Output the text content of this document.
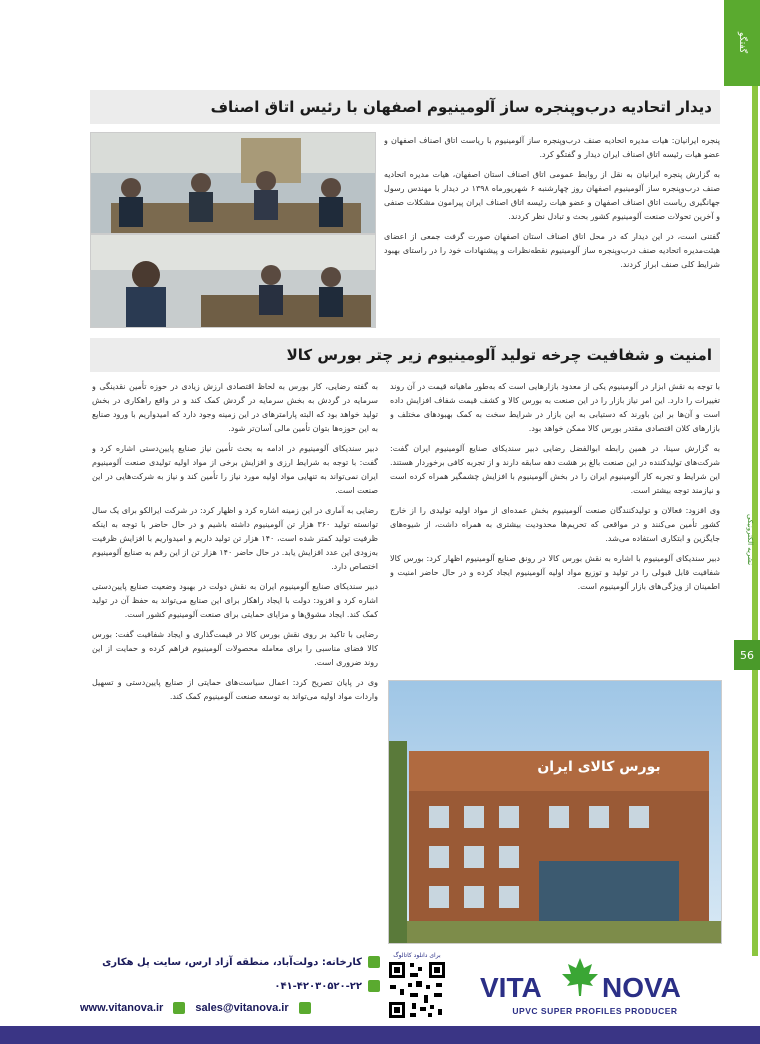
گفتگو
نشریه الکترونیکی
56
دیدار اتحادیه درب‌وپنجره ساز آلومینیوم اصفهان با رئیس اتاق اصناف

پنجره ایرانیان: هیات مدیره اتحادیه صنف درب‌وپنجره ساز آلومینیوم با ریاست اتاق اصناف اصفهان و عضو هیات رئیسه اتاق اصناف ایران دیدار و گفتگو کرد.

به گزارش پنجره ایرانیان به نقل از روابط عمومی اتاق اصناف استان اصفهان، هیات مدیره اتحادیه صنف درب‌وپنجره ساز آلومینیوم اصفهان روز چهارشنبه ۶ شهریورماه ۱۳۹۸ در دیدار با مهندس رسول جهانگیری ریاست اتاق اصناف اصفهان و عضو هیات رئیسه اتاق اصناف ایران پیرامون مشکلات صنفی و آخرین تحولات صنعت آلومینیوم کشور بحث و تبادل نظر کردند.

گفتنی است، در این دیدار که در محل اتاق اصناف استان اصفهان صورت گرفت جمعی از اعضای هیئت‌مدیره اتحادیه صنف درب‌وپنجره ساز آلومینیوم نقطه‌نظرات و پیشنهادات خود را در راستای بهبود شرایط کلی صنف ابراز کردند.

امنیت و شفافیت چرخه تولید آلومینیوم زیر چتر بورس کالا

با توجه به نقش ابزار در آلومینیوم یکی از معدود بازارهایی است که به‌طور ماهیانه قیمت در آن روند تغییرات را دارد. این امر نیاز بازار را در این صنعت به بورس کالا و کشف قیمت شفاف افزایش داده است و آن‌ها بر این باورند که دستیابی به این بازار در شرایط سخت به کمک بهبودهای مختلف و بازارهای کلان اقتصادی مقتدر بورس کالا ممکن خواهد بود.

به گزارش سینا، در همین رابطه ابوالفضل رضایی دبیر سندیکای صنایع آلومینیوم ایران گفت: شرکت‌های تولیدکننده در این صنعت بالغ بر هشت دهه سابقه دارند و از تجربه کافی برخوردار هستند. این شرایط و تجربه کار آلومینیوم ایران را در بخش آلومینیوم با افزایش چشمگیر همراه کرده است و نیازمند توجه بیشتر است.

وی افزود: فعالان و تولیدکنندگان صنعت آلومینیوم بخش عمده‌ای از مواد اولیه تولیدی را از خارج کشور تأمین می‌کنند و در مواقعی که تحریم‌ها محدودیت بیشتری به همراه داشت، از شیوه‌های جایگزین و ابتکاری استفاده می‌شد.

دبیر سندیکای آلومینیوم با اشاره به نقش بورس کالا در رونق صنایع آلومینیوم اظهار کرد: بورس کالا شفافیت قابل قبولی را در تولید و توزیع مواد اولیه آلومینیوم ایجاد کرده و در حال حاضر امنیت و اطمینان از ویژگی‌های بازار آلومینیوم است.

بورس کالای ایران

به گفته رضایی، کار بورس به لحاظ اقتصادی ارزش زیادی در حوزه تأمین نقدینگی و سرمایه در گردش به بخش سرمایه در گردش کمک کند و در واقع راهکاری در بخش تولید خواهد بود که البته پارامترهای در این زمینه وجود دارد که امیدواریم با ورود صنایع به این حوزه‌ها بتوان تأمین مالی آسان‌تر شود.

دبیر سندیکای آلومینیوم در ادامه به بحث تأمین نیاز صنایع پایین‌دستی اشاره کرد و گفت: با توجه به شرایط ارزی و افزایش برخی از مواد اولیه تولیدی صنعت آلومینیوم ایران نمی‌تواند به تنهایی مواد اولیه مورد نیاز را تأمین کند و نیاز به شرکت‌هایی در این صنعت است.

رضایی به آماری در این زمینه اشاره کرد و اظهار کرد: در شرکت ایرالکو برای یک سال توانسته تولید ۳۶۰ هزار تن آلومینیوم داشته باشیم و در حال حاضر با توجه به اینکه ظرفیت تولید کمتر شده است، ۱۴۰ هزار تن تولید داریم و امیدواریم با افزایش ظرفیت به‌زودی این عدد افزایش یابد. در حال حاضر ۱۴۰ هزار تن از این رقم به صنایع آلومینیوم اختصاص دارد.

دبیر سندیکای صنایع آلومینیوم ایران به نقش دولت در بهبود وضعیت صنایع پایین‌دستی اشاره کرد و افزود: دولت با ایجاد راهکار برای این صنایع می‌تواند به حفظ آن در تولید کمک کند. ایجاد مشوق‌ها و مزایای حمایتی برای صنعت آلومینیوم کشور است.

رضایی با تاکید بر روی نقش بورس کالا در قیمت‌گذاری و ایجاد شفافیت گفت: بورس کالا فضای مناسبی را برای معامله محصولات آلومینیوم فراهم کرده و حمایت از این روند ضروری است.

وی در پایان تصریح کرد: اعمال سیاست‌های حمایتی از صنایع پایین‌دستی و تسهیل واردات مواد اولیه می‌تواند به توسعه صنعت آلومینیوم کمک کند.

VITA NOVA
UPVC SUPER PROFILES PRODUCER
برای دانلود کاتالوگ
کارخانه: دولت‌آباد، منطقه آزاد ارس، سایت پل هکاری
۰۴۱-۴۲۰۳۰۵۲۰-۲۲
www.vitanova.ir	sales@vitanova.ir
